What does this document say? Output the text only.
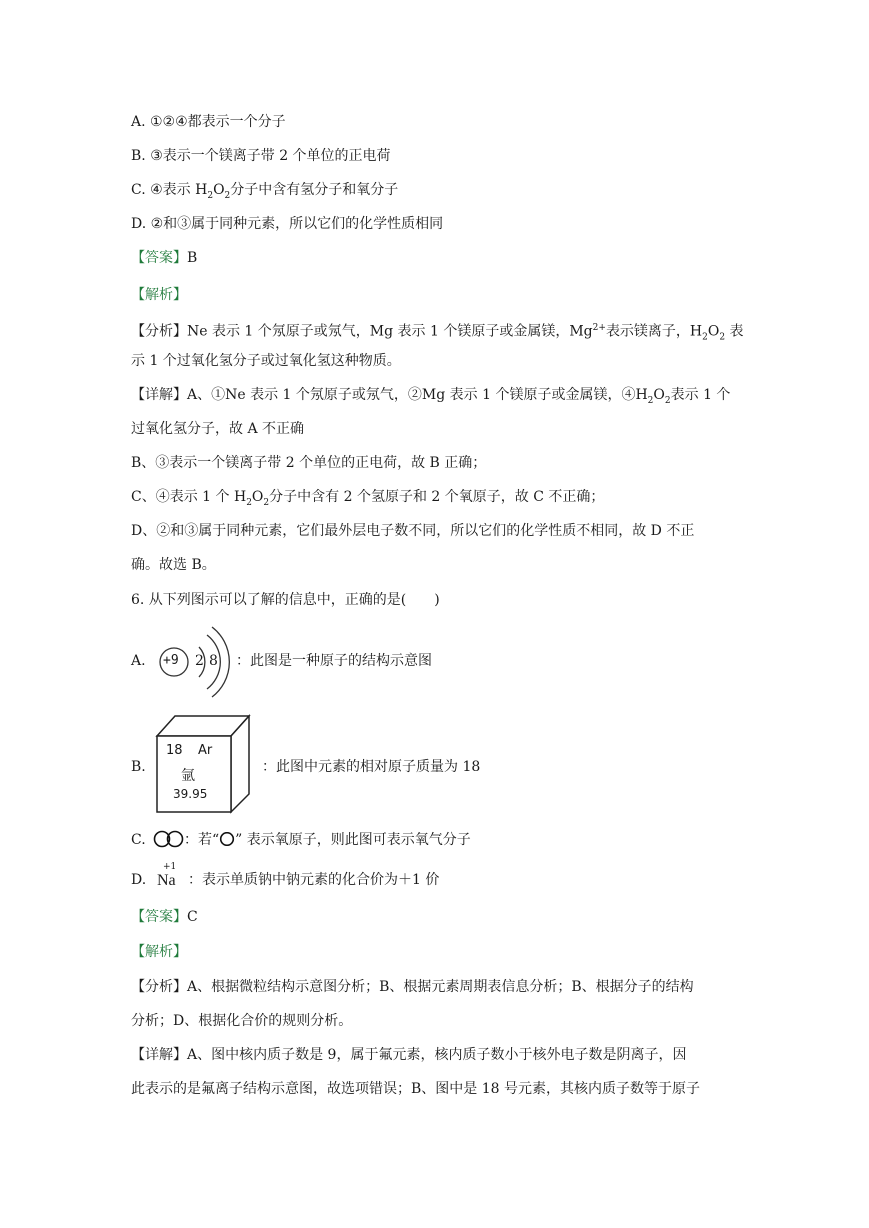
A. ①②④都表示一个分子
B. ③表示一个镁离子带 2 个单位的正电荷
C. ④表示 $H_2O_2$分子中含有氢分子和氧分子
D. ②和③属于同种元素，所以它们的化学性质相同
【答案】B
【解析】
【分析】Ne 表示 1 个氖原子或氖气，Mg 表示 1 个镁原子或金属镁，$Mg^{2+}$表示镁离子，$H_2O_2$ 表
示 1 个过氧化氢分子或过氧化氢这种物质。
【详解】A、①Ne 表示 1 个氖原子或氖气，②Mg 表示 1 个镁原子或金属镁，$④H_2O_2$表示 1 个
过氧化氢分子，故 A 不正确
B、③表示一个镁离子带 2 个单位的正电荷，故 B 正确；
C、④表示 1 个 $H_2O_2$分子中含有 2 个氢原子和 2 个氧原子，故 C 不正确；
D、②和③属于同种元素，它们最外层电子数不同，所以它们的化学性质不相同，故 D 不正
确。故选 B。
6. 从下列图示可以了解的信息中，正确的是(　　)
A. +9 2 8 ：此图是一种原子的结构示意图
B.
18 Ar
氩
39.95
：此图中元素的相对原子质量为 18
C.	：若“ ” 表示氧原子，则此图可表示氧气分子
D.
+1
Na ：表示单质钠中钠元素的化合价为＋1 价
【答案】C
【解析】
【分析】A、根据微粒结构示意图分析；B、根据元素周期表信息分析；B、根据分子的结构
分析；D、根据化合价的规则分析。
【详解】A、图中核内质子数是 9，属于氟元素，核内质子数小于核外电子数是阴离子，因
此表示的是氟离子结构示意图，故选项错误；B、图中是 18 号元素，其核内质子数等于原子
